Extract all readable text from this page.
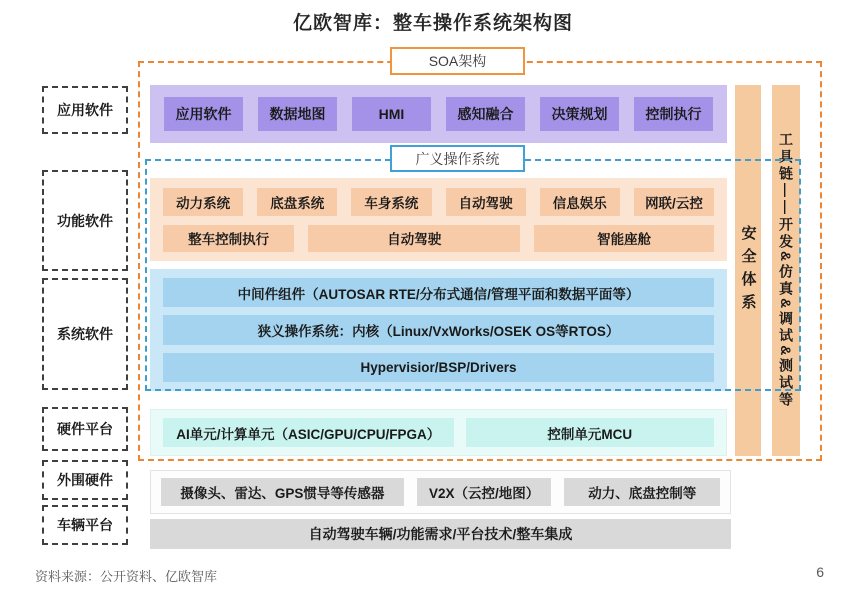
亿欧智库：整车操作系统架构图
应用软件
功能软件
系统软件
硬件平台
外围硬件
车辆平台
SOA架构
广义操作系统
应用软件	数据地图	HMI	感知融合	决策规划	控制执行
动力系统	底盘系统	车身系统	自动驾驶	信息娱乐	网联/云控
整车控制执行	自动驾驶	智能座舱
中间件组件（AUTOSAR RTE/分布式通信/管理平面和数据平面等）
狭义操作系统：内核（Linux/VxWorks/OSEK OS等RTOS）
Hypervisior/BSP/Drivers
AI单元/计算单元（ASIC/GPU/CPU/FPGA）	控制单元MCU
安全体系	工具链——开发&仿真&调试&测试等
摄像头、雷达、GPS惯导等传感器	V2X（云控/地图）	动力、底盘控制等
自动驾驶车辆/功能需求/平台技术/整车集成
资料来源：公开资料、亿欧智库	6
